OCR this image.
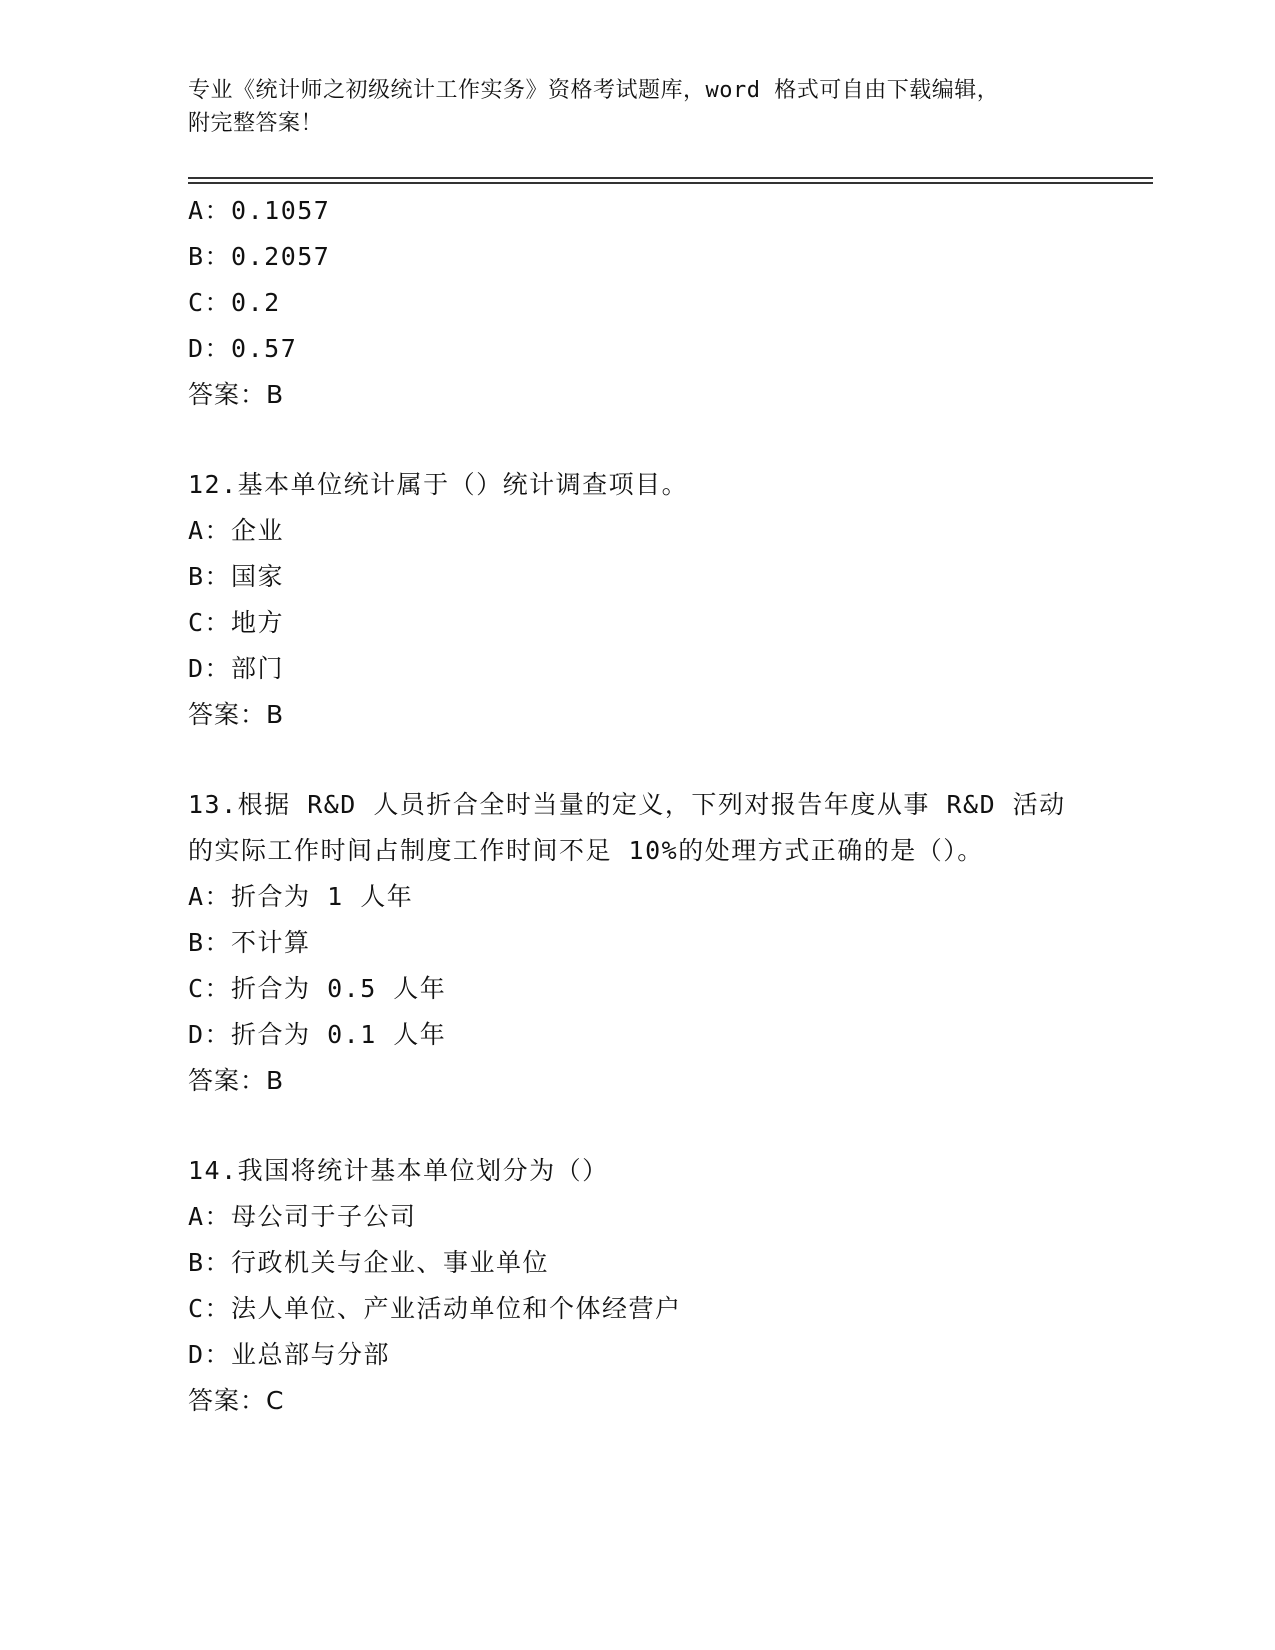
专业《统计师之初级统计工作实务》资格考试题库，word 格式可自由下载编辑，
附完整答案！
A：0.1057
B：0.2057
C：0.2
D：0.57
答案：B
12.基本单位统计属于（）统计调查项目。
A：企业
B：国家
C：地方
D：部门
答案：B
13.根据 R&D 人员折合全时当量的定义，下列对报告年度从事 R&D 活动
的实际工作时间占制度工作时间不足 10%的处理方式正确的是（）。
A：折合为 1 人年
B：不计算
C：折合为 0.5 人年
D：折合为 0.1 人年
答案：B
14.我国将统计基本单位划分为（）
A：母公司于子公司
B：行政机关与企业、事业单位
C：法人单位、产业活动单位和个体经营户
D：业总部与分部
答案：C
